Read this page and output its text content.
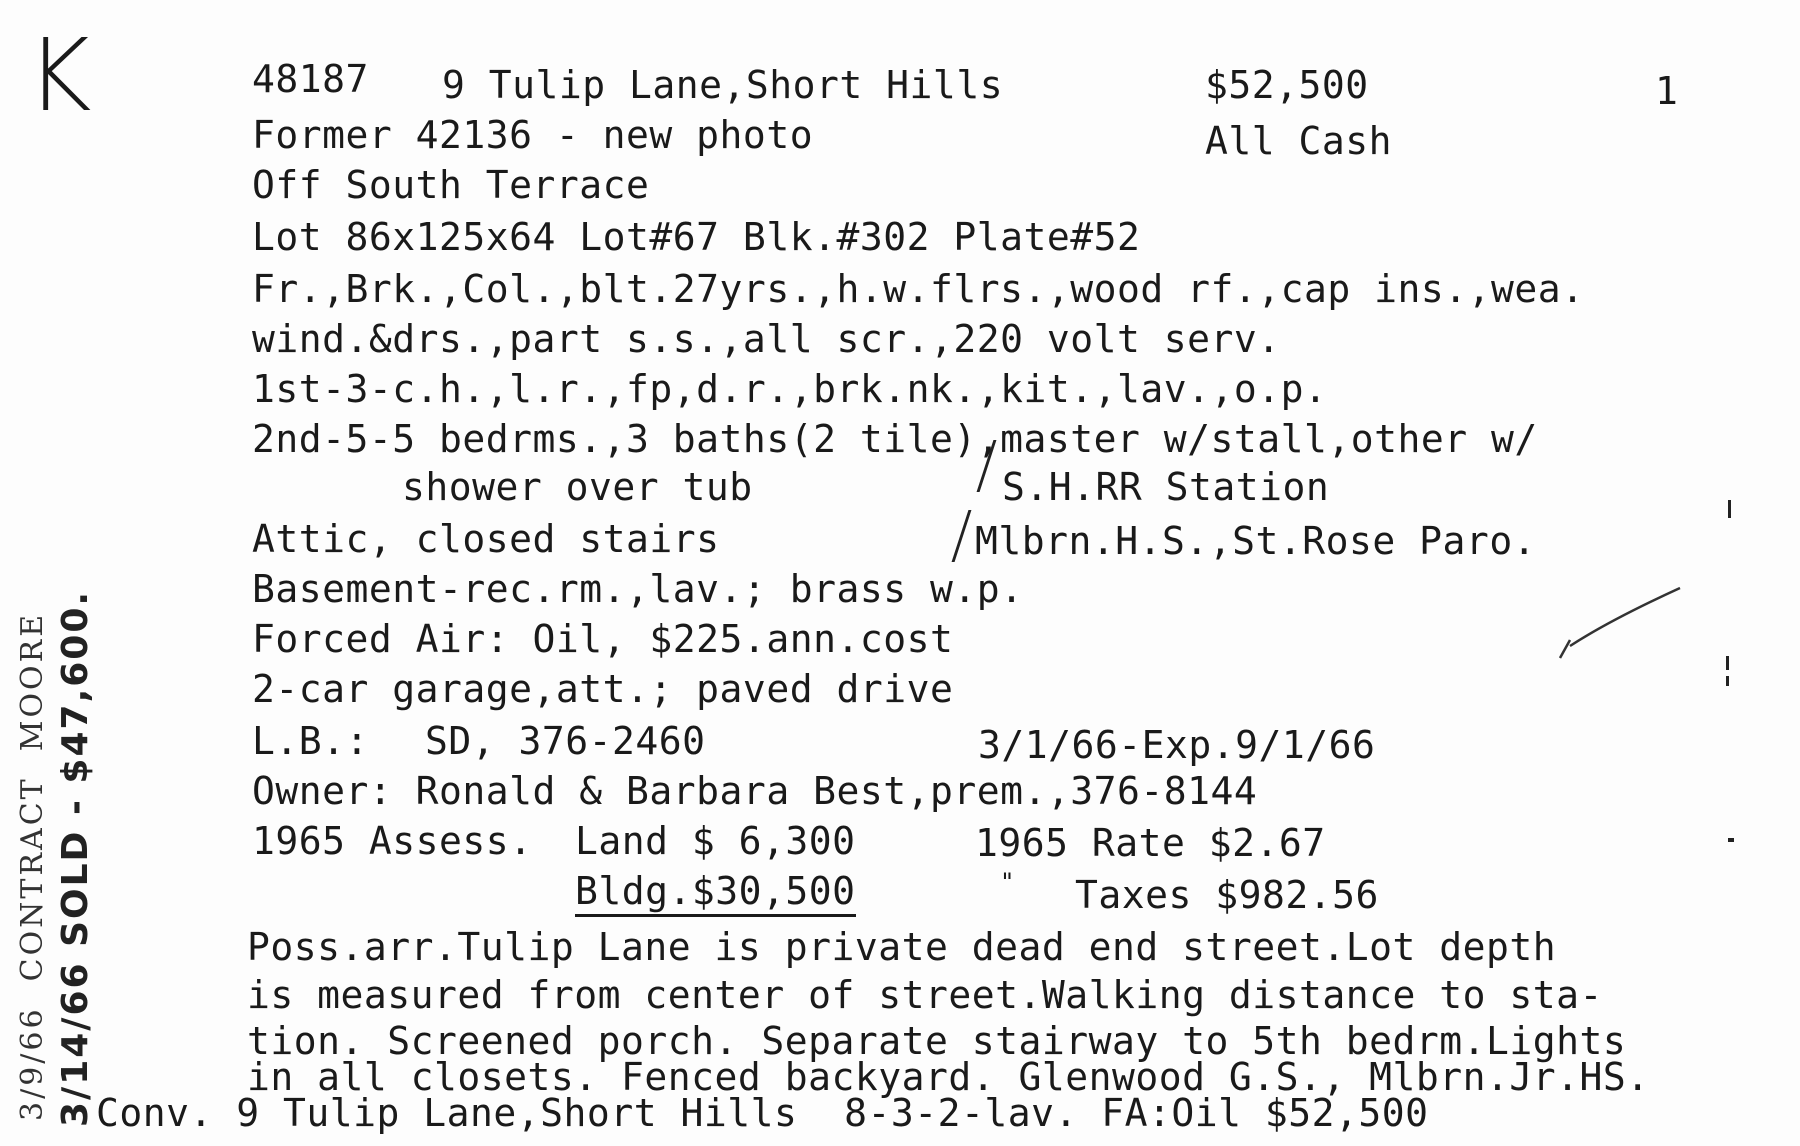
K	1
48187 9 Tulip Lane,Short Hills	$52,500
All Cash
Former 42136 - new photo
Off South Terrace
Lot 86x125x64 Lot#67 Blk.#302 Plate#52
Fr.,Brk.,Col.,blt.27yrs.,h.w.flrs.,wood rf.,cap ins.,wea.
wind.&drs.,part s.s.,all scr.,220 volt serv.
1st-3-c.h.,l.r.,fp,d.r.,brk.nk.,kit.,lav.,o.p.
2nd-5-5 bedrms.,3 baths(2 tile),master w/stall,other w/
shower over tub	S.H.RR Station
Attic, closed stairs	Mlbrn.H.S.,St.Rose Paro.
Basement-rec.rm.,lav.; brass w.p.
Forced Air: Oil, $225.ann.cost
2-car garage,att.; paved drive
L.B.: SD, 376-2460	3/1/66-Exp.9/1/66
Owner: Ronald & Barbara Best,prem.,376-8144
1965 Assess. Land $ 6,300	1965 Rate $2.67
Bldg.$30,500	" Taxes $982.56
Poss.arr.Tulip Lane is private dead end street.Lot depth
is measured from center of street.Walking distance to sta-
tion. Screened porch. Separate stairway to 5th bedrm.Lights
in all closets. Fenced backyard. Glenwood G.S., Mlbrn.Jr.HS.
Conv. 9 Tulip Lane,Short Hills  8-3-2-lav. FA:Oil $52,500
3/9/66  CONTRACT  MOORE 3/14/66 SOLD - $47,600.
